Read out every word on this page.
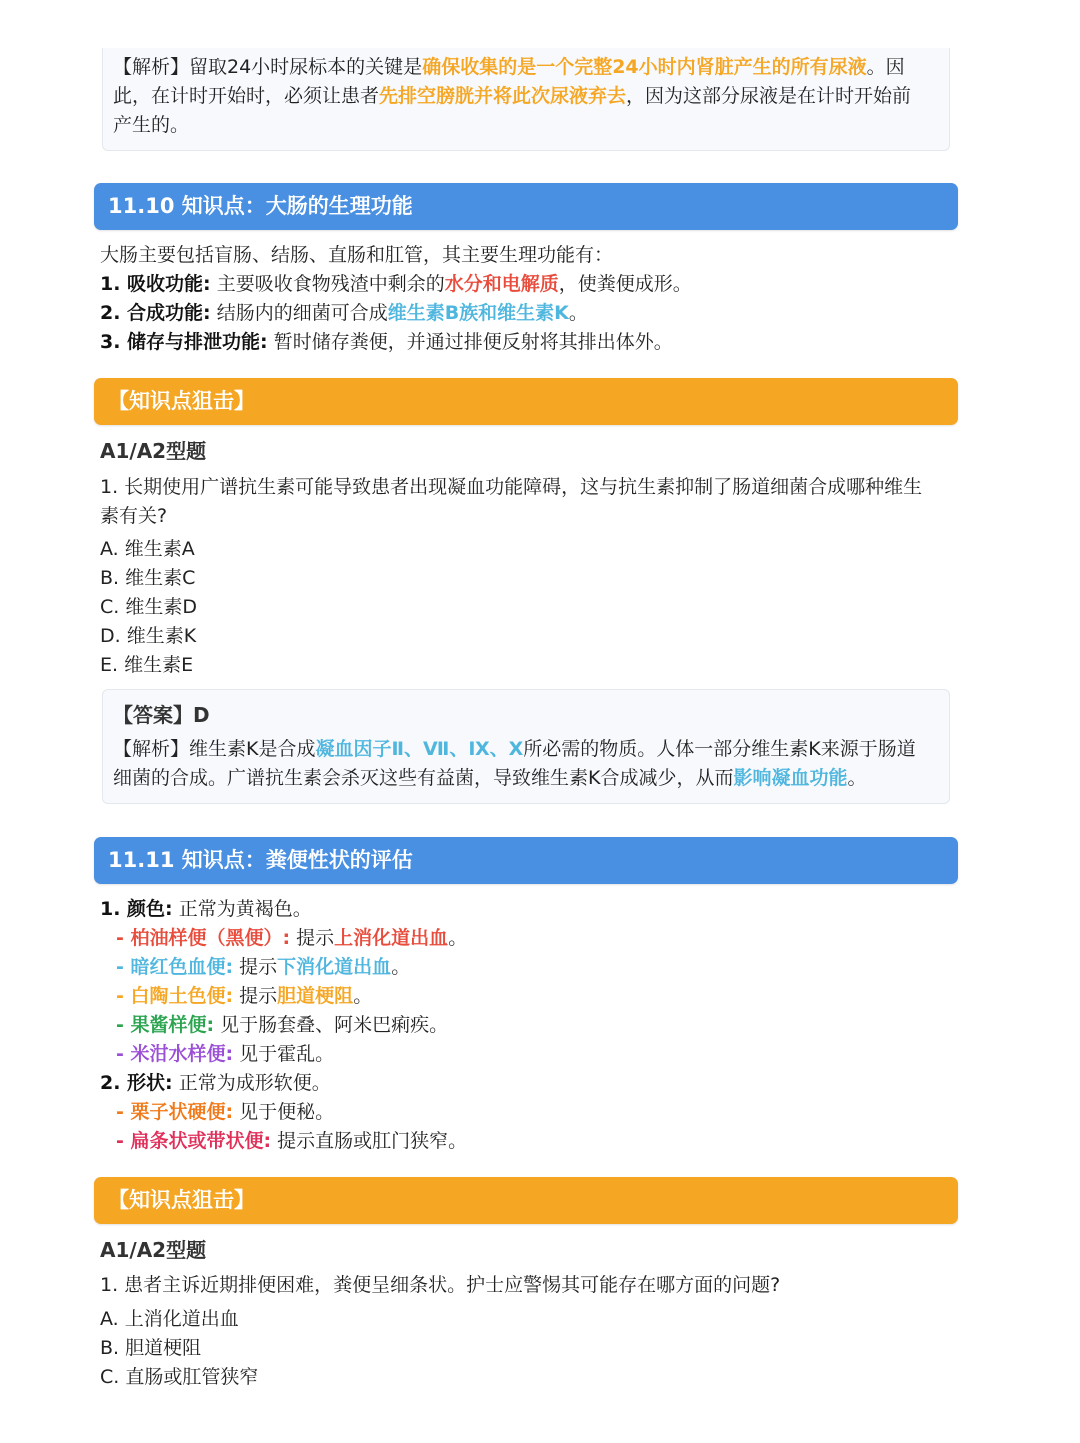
【解析】留取24小时尿标本的关键是确保收集的是一个完整24小时内肾脏产生的所有尿液。因
此，在计时开始时，必须让患者先排空膀胱并将此次尿液弃去，因为这部分尿液是在计时开始前
产生的。
11.10 知识点：大肠的生理功能
大肠主要包括盲肠、结肠、直肠和肛管，其主要生理功能有：
1. 吸收功能: 主要吸收食物残渣中剩余的水分和电解质，使粪便成形。
2. 合成功能: 结肠内的细菌可合成维生素B族和维生素K。
3. 储存与排泄功能: 暂时储存粪便，并通过排便反射将其排出体外。
【知识点狙击】
A1/A2型题
1. 长期使用广谱抗生素可能导致患者出现凝血功能障碍，这与抗生素抑制了肠道细菌合成哪种维生
素有关?
A. 维生素A
B. 维生素C
C. 维生素D
D. 维生素K
E. 维生素E
【答案】D
【解析】维生素K是合成凝血因子Ⅱ、Ⅶ、Ⅸ、Ⅹ所必需的物质。人体一部分维生素K来源于肠道
细菌的合成。广谱抗生素会杀灭这些有益菌，导致维生素K合成减少，从而影响凝血功能。
11.11 知识点：粪便性状的评估
1. 颜色: 正常为黄褐色。
- 柏油样便（黑便）: 提示上消化道出血。
- 暗红色血便: 提示下消化道出血。
- 白陶土色便: 提示胆道梗阻。
- 果酱样便: 见于肠套叠、阿米巴痢疾。
- 米泔水样便: 见于霍乱。
2. 形状: 正常为成形软便。
- 栗子状硬便: 见于便秘。
- 扁条状或带状便: 提示直肠或肛门狭窄。
【知识点狙击】
A1/A2型题
1. 患者主诉近期排便困难，粪便呈细条状。护士应警惕其可能存在哪方面的问题?
A. 上消化道出血
B. 胆道梗阻
C. 直肠或肛管狭窄
